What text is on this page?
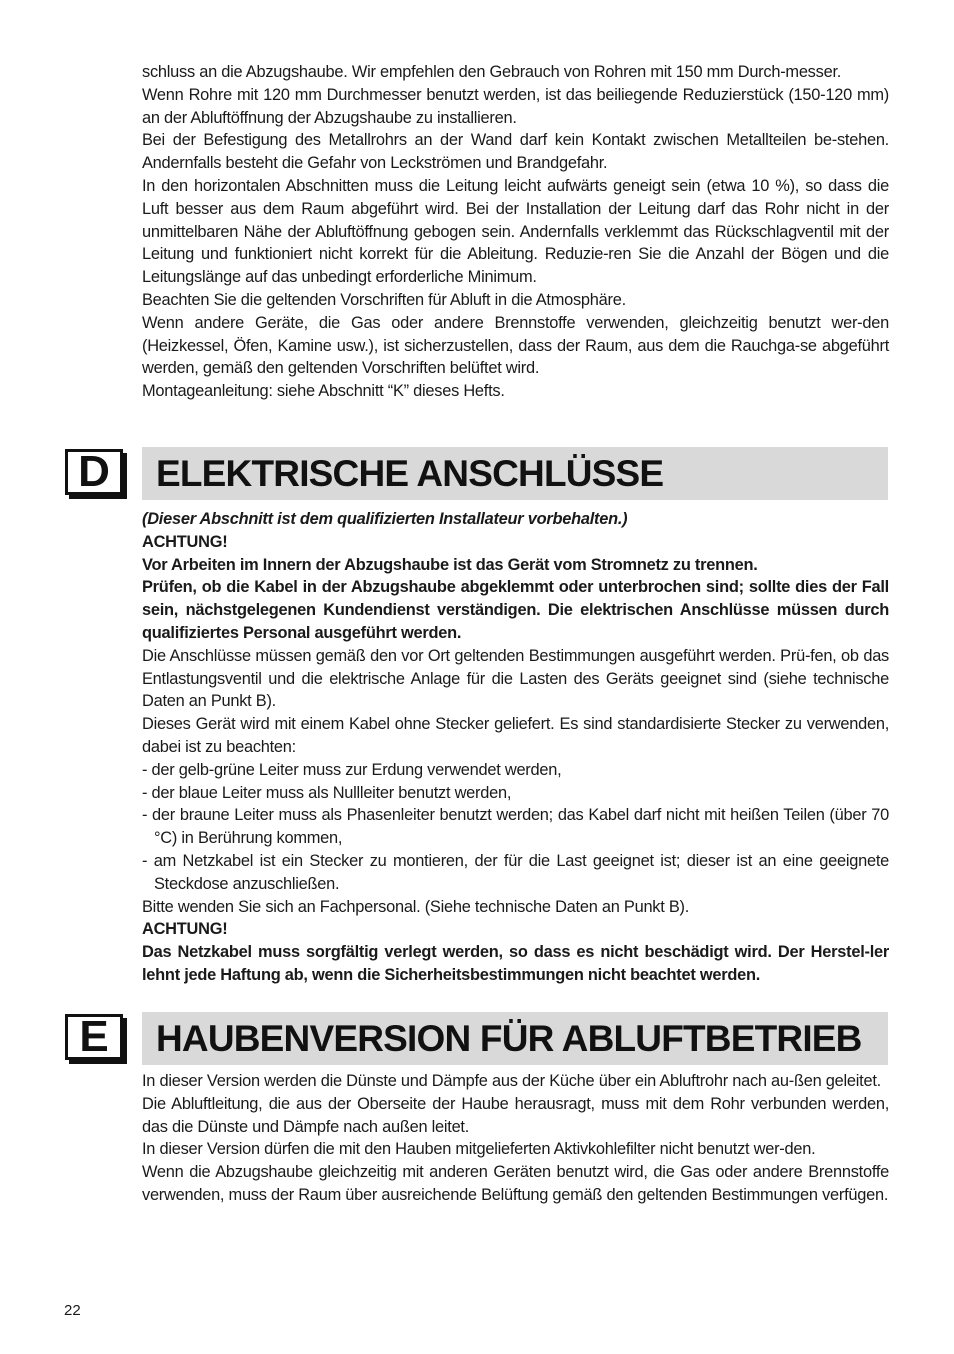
schluss an die Abzugshaube. Wir empfehlen den Gebrauch von Rohren mit 150 mm Durch-messer.

Wenn Rohre mit 120 mm Durchmesser benutzt werden, ist das beiliegende Reduzierstück (150-120 mm) an der Abluftöffnung der Abzugshaube zu installieren.

Bei der Befestigung des Metallrohrs an der Wand darf kein Kontakt zwischen Metallteilen be-stehen. Andernfalls besteht die Gefahr von Leckströmen und Brandgefahr.

In den horizontalen Abschnitten muss die Leitung leicht aufwärts geneigt sein (etwa 10 %), so dass die Luft besser aus dem Raum abgeführt wird. Bei der Installation der Leitung darf das Rohr nicht in der unmittelbaren Nähe der Abluftöffnung gebogen sein. Andernfalls verklemmt das Rückschlagventil mit der Leitung und funktioniert nicht korrekt für die Ableitung. Reduzie-ren Sie die Anzahl der Bögen und die Leitungslänge auf das unbedingt erforderliche Minimum.

Beachten Sie die geltenden Vorschriften für Abluft in die Atmosphäre.

Wenn andere Geräte, die Gas oder andere Brennstoffe verwenden, gleichzeitig benutzt wer-den (Heizkessel, Öfen, Kamine usw.), ist sicherzustellen, dass der Raum, aus dem die Rauchga-se abgeführt werden, gemäß den geltenden Vorschriften belüftet wird.

Montageanleitung: siehe Abschnitt “K” dieses Hefts.

D	ELEKTRISCHE ANSCHLÜSSE

(Dieser Abschnitt ist dem qualifizierten Installateur vorbehalten.)

ACHTUNG!

Vor Arbeiten im Innern der Abzugshaube ist das Gerät vom Stromnetz zu trennen.

Prüfen, ob die Kabel in der Abzugshaube abgeklemmt oder unterbrochen sind; sollte dies der Fall sein, nächstgelegenen Kundendienst verständigen. Die elektrischen Anschlüsse müssen durch qualifiziertes Personal ausgeführt werden.

Die Anschlüsse müssen gemäß den vor Ort geltenden Bestimmungen ausgeführt werden. Prü-fen, ob das Entlastungsventil und die elektrische Anlage für die Lasten des Geräts geeignet sind (siehe technische Daten an Punkt B).

Dieses Gerät wird mit einem Kabel ohne Stecker geliefert. Es sind standardisierte Stecker zu verwenden, dabei ist zu beachten:

- der gelb-grüne Leiter muss zur Erdung verwendet werden,

- der blaue Leiter muss als Nullleiter benutzt werden,

- der braune Leiter muss als Phasenleiter benutzt werden; das Kabel darf nicht mit heißen Teilen (über 70 °C) in Berührung kommen,

- am Netzkabel ist ein Stecker zu montieren, der für die Last geeignet ist; dieser ist an eine geeignete Steckdose anzuschließen.

Bitte wenden Sie sich an Fachpersonal. (Siehe technische Daten an Punkt B).

ACHTUNG!

Das Netzkabel muss sorgfältig verlegt werden, so dass es nicht beschädigt wird. Der Herstel-ler lehnt jede Haftung ab, wenn die Sicherheitsbestimmungen nicht beachtet werden.

E	HAUBENVERSION FÜR ABLUFTBETRIEB

In dieser Version werden die Dünste und Dämpfe aus der Küche über ein Abluftrohr nach au-ßen geleitet.

Die Abluftleitung, die aus der Oberseite der Haube herausragt, muss mit dem Rohr verbunden werden, das die Dünste und Dämpfe nach außen leitet.

In dieser Version dürfen die mit den Hauben mitgelieferten Aktivkohlefilter nicht benutzt wer-den.

Wenn die Abzugshaube gleichzeitig mit anderen Geräten benutzt wird, die Gas oder andere Brennstoffe verwenden, muss der Raum über ausreichende Belüftung gemäß den geltenden Bestimmungen verfügen.

22
